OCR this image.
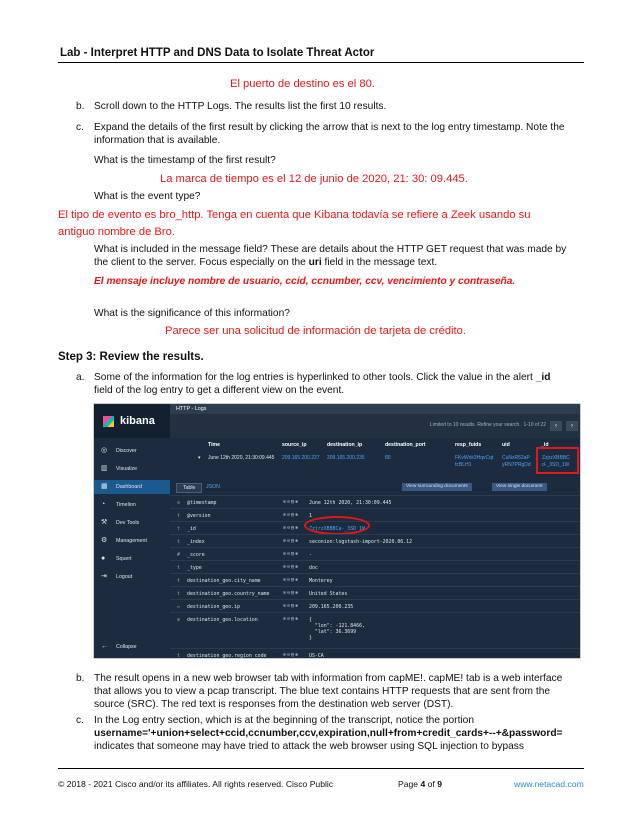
Lab - Interpret HTTP and DNS Data to Isolate Threat Actor
El puerto de destino es el 80.
b. Scroll down to the HTTP Logs. The results list the first 10 results.
c. Expand the details of the first result by clicking the arrow that is next to the log entry timestamp. Note the
information that is available.
What is the timestamp of the first result?
La marca de tiempo es el 12 de junio de 2020, 21: 30: 09.445.
What is the event type?
El tipo de evento es bro_http. Tenga en cuenta que Kibana todavía se refiere a Zeek usando su
antiguo nombre de Bro.
What is included in the message field? These are details about the HTTP GET request that was made by
the client to the server. Focus especially on the uri field in the message text.
El mensaje incluye nombre de usuario, ccid, ccnumber, ccv, vencimiento y contraseña.
What is the significance of this information?
Parece ser una solicitud de información de tarjeta de crédito.
Step 3: Review the results.
a. Some of the information for the log entries is hyperlinked to other tools. Click the value in the alert _id
field of the log entry to get a different view on the event.
kibana
◎ Discover
▥ Visualize
▦ Dashboard
◔ Timelion
⚒ Dev Tools
⚙ Management
● Squert
⇥ Logout
← Collapse
HTTP - Logs
Limited to 10 results. Refine your search. 1-10 of 22	‹	›
Time	source_ip	destination_ip	destination_port	resp_fuids	uid	_id
▾ June 12th 2020, 21:30:09.445 209.165.200.227 209.165.200.235	80	FKvWnk3HqvCqt
fcBLH1
CuNxR52aP
yRN7PRgDd
ZzjrzXBBBC
d-_3SD_1W
Table	JSON	View surrounding documents	View single document
⊙ @timestamp	⊕⊖▤✱ June 12th 2020, 21:30:09.445
t @version	⊕⊖▤✱ 1
t _id	⊕⊖▤✱ ZzjrzXBBBCa-_3SD_1W
t _index	⊕⊖▤✱ seconion:logstash-import-2020.06.12
# _score	⊕⊖▤✱ -
t _type	⊕⊖▤✱ doc
t destination_geo.city_name	⊕⊖▤✱ Monterey
t destination_geo.country_name	⊕⊖▤✱ United States
▭ destination_geo.ip	⊕⊖▤✱ 209.165.200.235
⊕ destination_geo.location	⊕⊖▤✱ {
"lon": -121.8466,
"lat": 36.3699
}
t destination_geo.region_code	⊕⊖▤✱ US-CA
b. The result opens in a new web browser tab with information from capME!. capME! tab is a web interface
that allows you to view a pcap transcript. The blue text contains HTTP requests that are sent from the
source (SRC). The red text is responses from the destination web server (DST).
c. In the Log entry section, which is at the beginning of the transcript, notice the portion
username='+union+select+ccid,ccnumber,ccv,expiration,null+from+credit_cards+--+&password=
indicates that someone may have tried to attack the web browser using SQL injection to bypass
© 2018 - 2021 Cisco and/or its affiliates. All rights reserved. Cisco Public	Page 4 of 9	www.netacad.com
